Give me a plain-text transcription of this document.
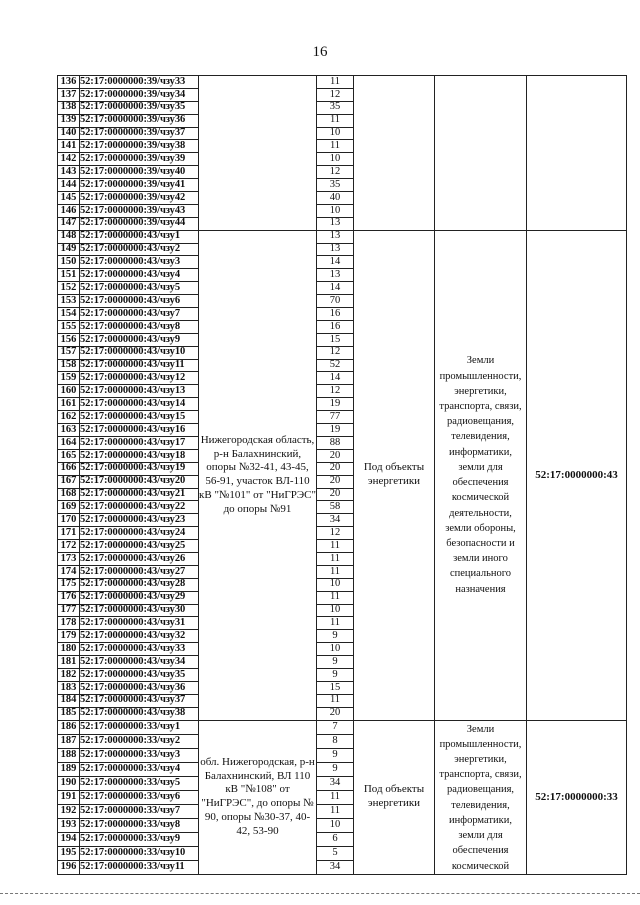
16
136	52:17:0000000:39/чзу33		11			
137	52:17:0000000:39/чзу34		12			
138	52:17:0000000:39/чзу35		35			
139	52:17:0000000:39/чзу36		11			
140	52:17:0000000:39/чзу37		10			
141	52:17:0000000:39/чзу38		11			
142	52:17:0000000:39/чзу39		10			
143	52:17:0000000:39/чзу40		12			
144	52:17:0000000:39/чзу41		35			
145	52:17:0000000:39/чзу42		40			
146	52:17:0000000:39/чзу43		10			
147	52:17:0000000:39/чзу44		13			
148	52:17:0000000:43/чзу1	Нижегородская область, р-н Балахнинский, опоры №32-41, 43-45, 56-91, участок ВЛ-110 кВ "№101" от "НиГРЭС" до опоры №91	13	Под объекты энергетики	Земли промышленности, энергетики, транспорта, связи, радиовещания, телевидения, информатики, земли для обеспечения космической деятельности, земли обороны, безопасности и земли иного специального назначения	52:17:0000000:43
149	52:17:0000000:43/чзу2		13			
150	52:17:0000000:43/чзу3		14			
151	52:17:0000000:43/чзу4		13			
152	52:17:0000000:43/чзу5		14			
153	52:17:0000000:43/чзу6		70			
154	52:17:0000000:43/чзу7		16			
155	52:17:0000000:43/чзу8		16			
156	52:17:0000000:43/чзу9		15			
157	52:17:0000000:43/чзу10		12			
158	52:17:0000000:43/чзу11		52			
159	52:17:0000000:43/чзу12		14			
160	52:17:0000000:43/чзу13		12			
161	52:17:0000000:43/чзу14		19			
162	52:17:0000000:43/чзу15		77			
163	52:17:0000000:43/чзу16		19			
164	52:17:0000000:43/чзу17		88			
165	52:17:0000000:43/чзу18		20			
166	52:17:0000000:43/чзу19		20			
167	52:17:0000000:43/чзу20		20			
168	52:17:0000000:43/чзу21		20			
169	52:17:0000000:43/чзу22		58			
170	52:17:0000000:43/чзу23		34			
171	52:17:0000000:43/чзу24		12			
172	52:17:0000000:43/чзу25		11			
173	52:17:0000000:43/чзу26		11			
174	52:17:0000000:43/чзу27		11			
175	52:17:0000000:43/чзу28		10			
176	52:17:0000000:43/чзу29		11			
177	52:17:0000000:43/чзу30		10			
178	52:17:0000000:43/чзу31		11			
179	52:17:0000000:43/чзу32		9			
180	52:17:0000000:43/чзу33		10			
181	52:17:0000000:43/чзу34		9			
182	52:17:0000000:43/чзу35		9			
183	52:17:0000000:43/чзу36		15			
184	52:17:0000000:43/чзу37		11			
185	52:17:0000000:43/чзу38		20			
186	52:17:0000000:33/чзу1	обл. Нижегородская, р-н Балахнинский, ВЛ 110 кВ "№108" от "НиГРЭС", до опоры № 90, опоры №30-37, 40-42, 53-90	7	Под объекты энергетики	Земли промышленности, энергетики, транспорта, связи, радиовещания, телевидения, информатики, земли для обеспечения космической	52:17:0000000:33
187	52:17:0000000:33/чзу2		8			
188	52:17:0000000:33/чзу3		9			
189	52:17:0000000:33/чзу4		9			
190	52:17:0000000:33/чзу5		34			
191	52:17:0000000:33/чзу6		11			
192	52:17:0000000:33/чзу7		11			
193	52:17:0000000:33/чзу8		10			
194	52:17:0000000:33/чзу9		6			
195	52:17:0000000:33/чзу10		5			
196	52:17:0000000:33/чзу11		34			
